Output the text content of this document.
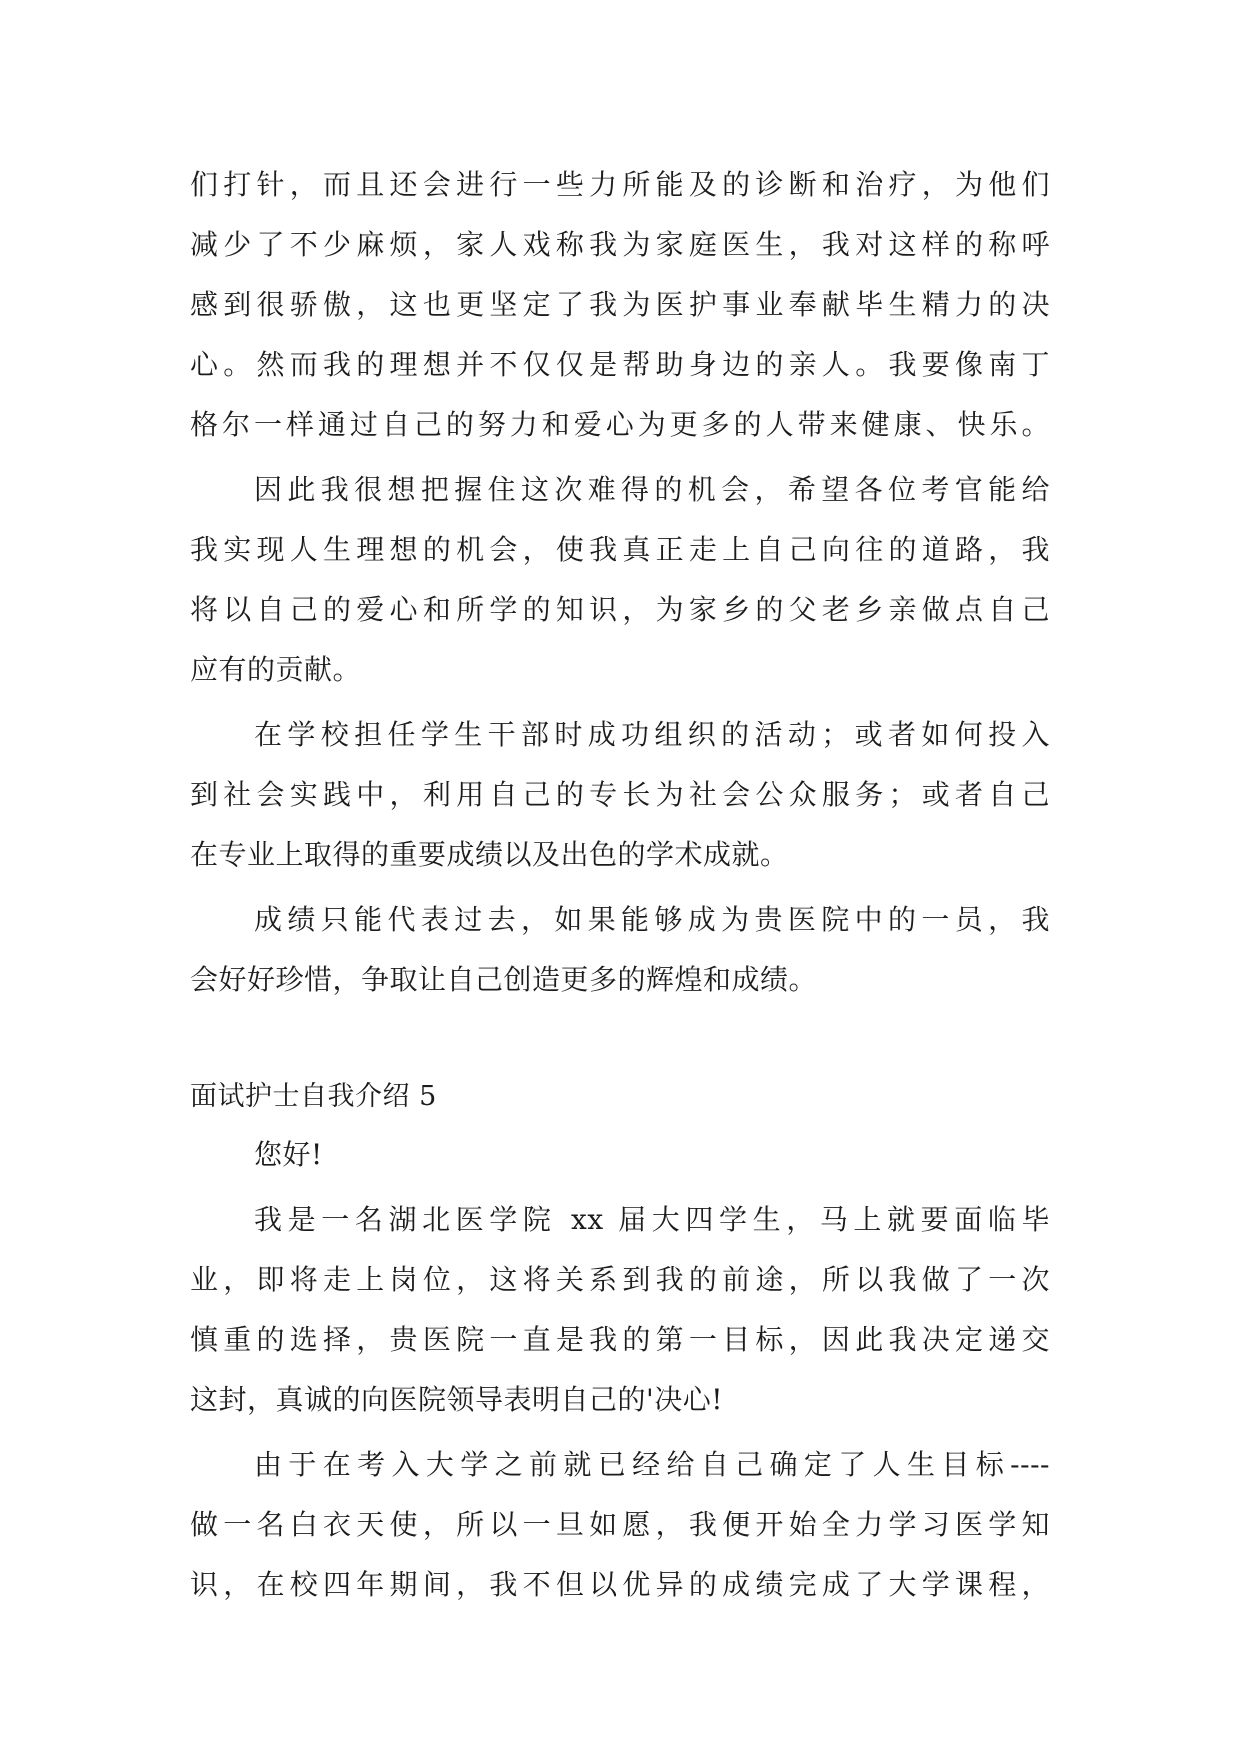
们打针，而且还会进行一些力所能及的诊断和治疗，为他们
减少了不少麻烦，家人戏称我为家庭医生，我对这样的称呼
感到很骄傲，这也更坚定了我为医护事业奉献毕生精力的决
心。然而我的理想并不仅仅是帮助身边的亲人。我要像南丁
格尔一样通过自己的努力和爱心为更多的人带来健康、快乐。
因此我很想把握住这次难得的机会，希望各位考官能给
我实现人生理想的机会，使我真正走上自己向往的道路，我
将以自己的爱心和所学的知识，为家乡的父老乡亲做点自己
应有的贡献。
在学校担任学生干部时成功组织的活动；或者如何投入
到社会实践中，利用自己的专长为社会公众服务；或者自己
在专业上取得的重要成绩以及出色的学术成就。
成绩只能代表过去，如果能够成为贵医院中的一员，我
会好好珍惜，争取让自己创造更多的辉煌和成绩。
面试护士自我介绍 5
您好!
我是一名湖北医学院 xx 届大四学生，马上就要面临毕
业，即将走上岗位，这将关系到我的前途，所以我做了一次
慎重的选择，贵医院一直是我的第一目标，因此我决定递交
这封，真诚的向医院领导表明自己的'决心!
由于在考入大学之前就已经给自己确定了人生目标----
做一名白衣天使，所以一旦如愿，我便开始全力学习医学知
识，在校四年期间，我不但以优异的成绩完成了大学课程，
